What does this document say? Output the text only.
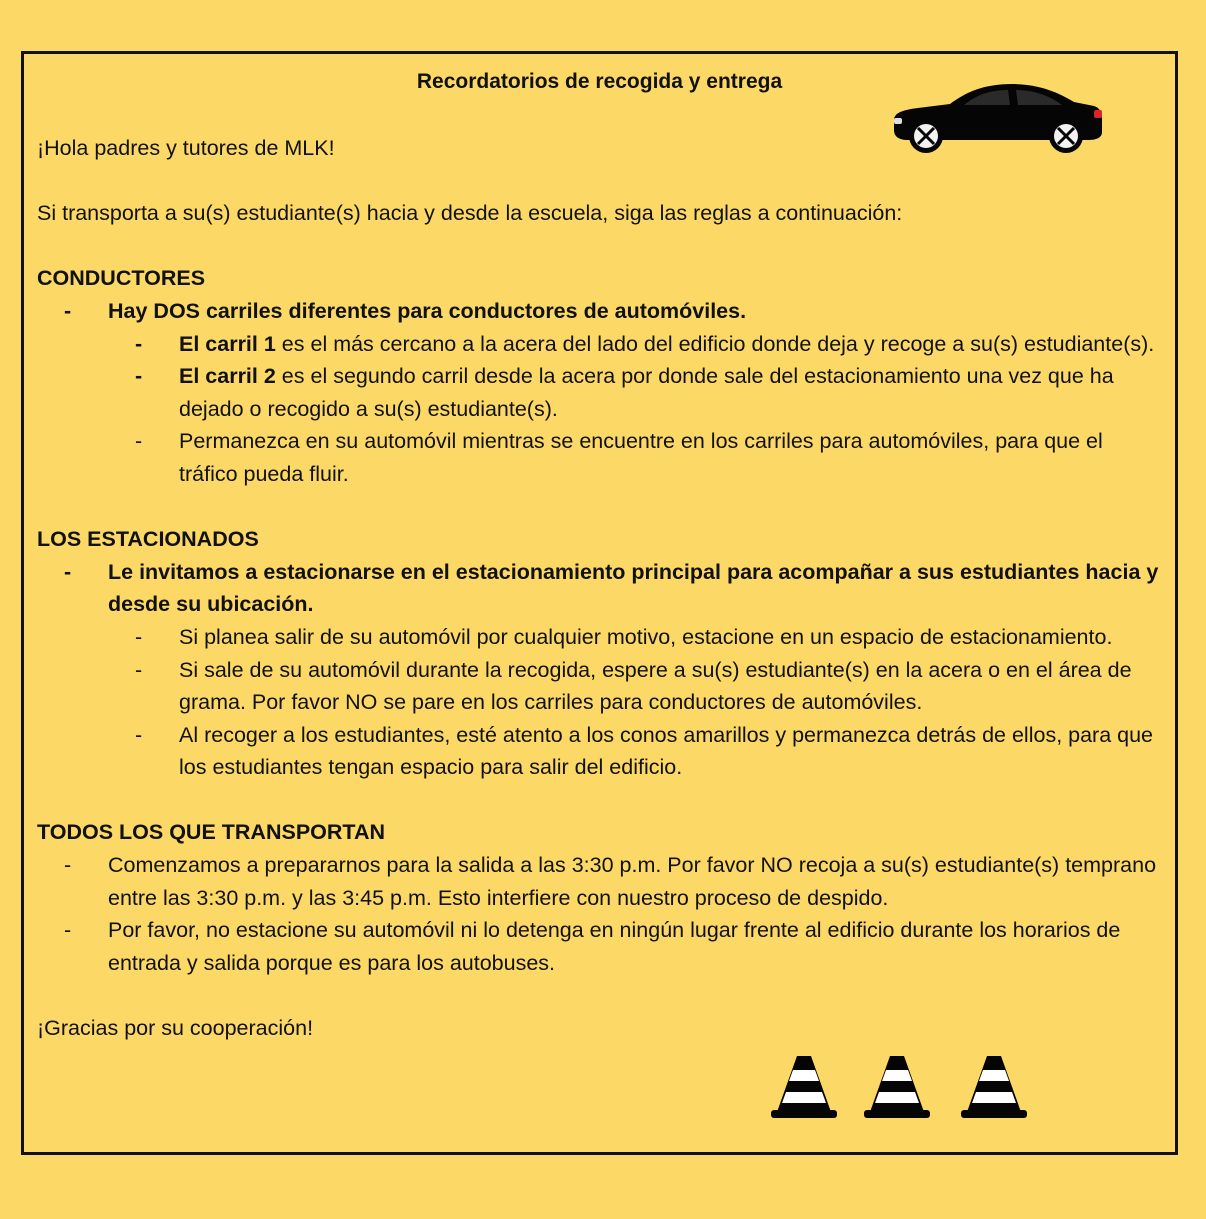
Recordatorios de recogida y entrega

¡Hola padres y tutores de MLK!

Si transporta a su(s) estudiante(s) hacia y desde la escuela, siga las reglas a continuación:

CONDUCTORES

- Hay DOS carriles diferentes para conductores de automóviles.
- El carril 1 es el más cercano a la acera del lado del edificio donde deja y recoge a su(s) estudiante(s).
- El carril 2 es el segundo carril desde la acera por donde sale del estacionamiento una vez que ha dejado o recogido a su(s) estudiante(s).
- Permanezca en su automóvil mientras se encuentre en los carriles para automóviles, para que el tráfico pueda fluir.

LOS ESTACIONADOS

- Le invitamos a estacionarse en el estacionamiento principal para acompañar a sus estudiantes hacia y desde su ubicación.
- Si planea salir de su automóvil por cualquier motivo, estacione en un espacio de estacionamiento.
- Si sale de su automóvil durante la recogida, espere a su(s) estudiante(s) en la acera o en el área de grama. Por favor NO se pare en los carriles para conductores de automóviles.
- Al recoger a los estudiantes, esté atento a los conos amarillos y permanezca detrás de ellos, para que los estudiantes tengan espacio para salir del edificio.

TODOS LOS QUE TRANSPORTAN

- Comenzamos a prepararnos para la salida a las 3:30 p.m. Por favor NO recoja a su(s) estudiante(s) temprano entre las 3:30 p.m. y las 3:45 p.m. Esto interfiere con nuestro proceso de despido.
- Por favor, no estacione su automóvil ni lo detenga en ningún lugar frente al edificio durante los horarios de entrada y salida porque es para los autobuses.

¡Gracias por su cooperación!
